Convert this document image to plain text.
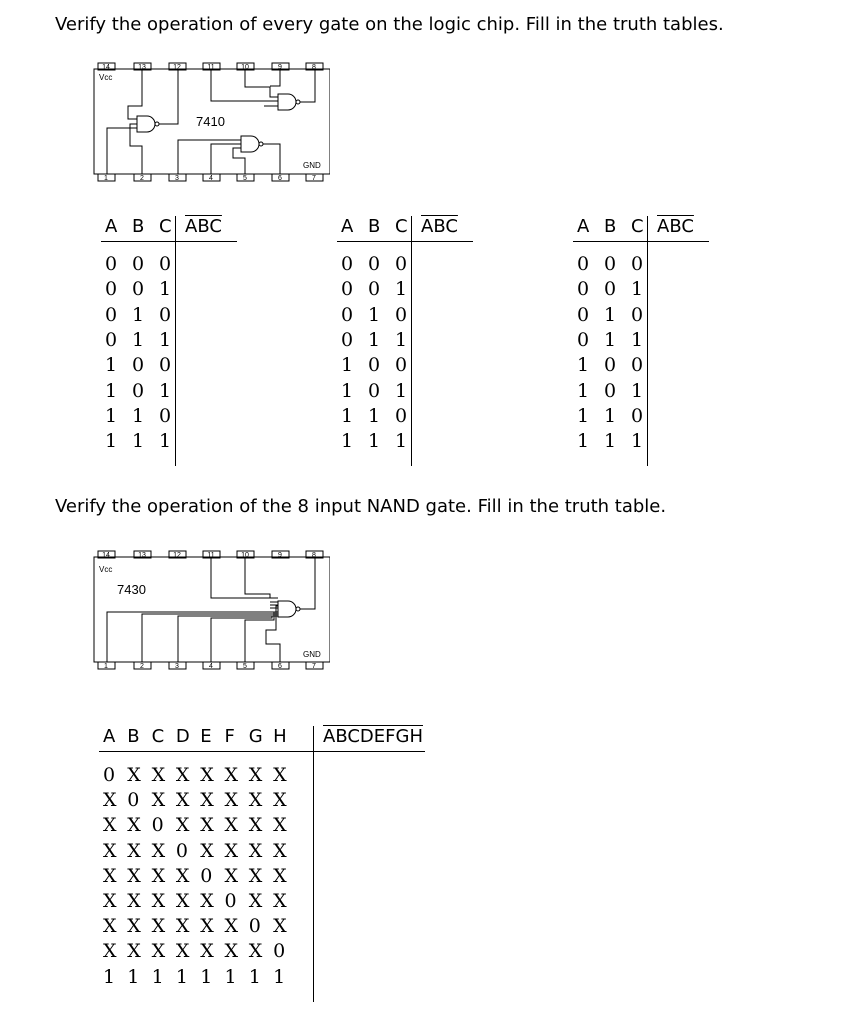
Verify the operation of every gate on the logic chip. Fill in the truth tables.
Verify the operation of the 8 input NAND gate. Fill in the truth table.
14	13	12	11	10	9	8
1	2	3	4	5	6	7
Vcc
GND
7410
14	13	12	11	10	9	8
1	2	3	4	5	6	7
Vcc
GND
7430
A B C $\overline{ABC}$
0 0 0
0 0 1
0 1 0
0 1 1
1 0 0
1 0 1
1 1 0
1 1 1
A B C $\overline{ABC}$
0 0 0
0 0 1
0 1 0
0 1 1
1 0 0
1 0 1
1 1 0
1 1 1
A B C $\overline{ABC}$
0 0 0
0 0 1
0 1 0
0 1 1
1 0 0
1 0 1
1 1 0
1 1 1
A B C D E F G H ABCDEFGH
0 X X X X X X X
X 0 X X X X X X
X X 0 X X X X X
X X X 0 X X X X
X X X X 0 X X X
X X X X X 0 X X
X X X X X X 0 X
X X X X X X X 0
1 1 1 1 1 1 1 1
